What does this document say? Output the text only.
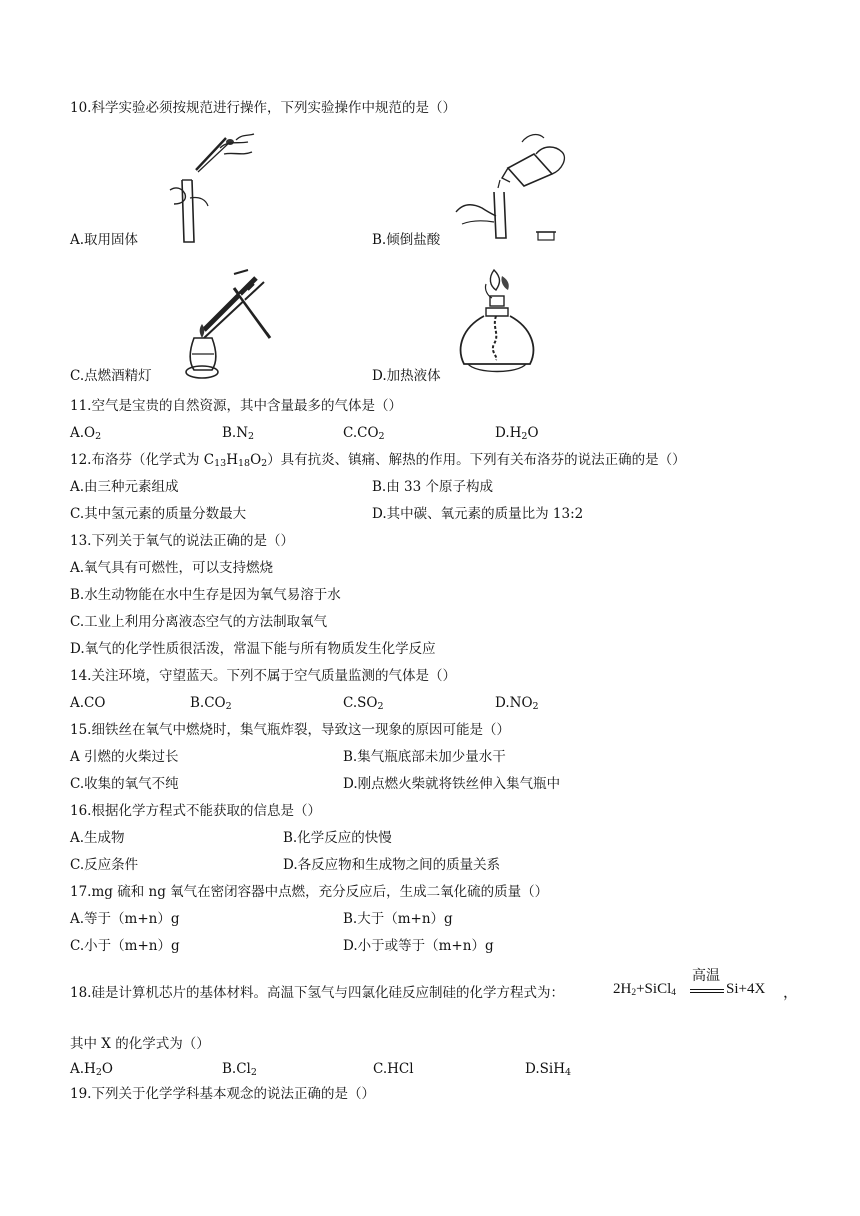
10.科学实验必须按规范进行操作，下列实验操作中规范的是（）
A.取用固体	B.倾倒盐酸
C.点燃酒精灯	D.加热液体
11.空气是宝贵的自然资源，其中含量最多的气体是（）
$A.O_2$	$B.N_2$	$C.CO_2$	$D.H_2O$
12.布洛芬（化学式为 $C_{13}H_{18}O_2$）具有抗炎、镇痛、解热的作用。下列有关布洛芬的说法正确的是（）
A.由三种元素组成	B.由 33 个原子构成
C.其中氢元素的质量分数最大	D.其中碳、氧元素的质量比为 13:2
13.下列关于氧气的说法正确的是（）
A.氧气具有可燃性，可以支持燃烧
B.水生动物能在水中生存是因为氧气易溶于水
C.工业上利用分离液态空气的方法制取氧气
D.氧气的化学性质很活泼，常温下能与所有物质发生化学反应
14.关注环境，守望蓝天。下列不属于空气质量监测的气体是（）
A.CO	$B.CO_2$	$C.SO_2$	$D.NO_2$
15.细铁丝在氧气中燃烧时，集气瓶炸裂，导致这一现象的原因可能是（）
A 引燃的火柴过长	B.集气瓶底部未加少量水干
C.收集的氧气不纯	D.刚点燃火柴就将铁丝伸入集气瓶中
16.根据化学方程式不能获取的信息是（）
A.生成物	B.化学反应的快慢
C.反应条件	D.各反应物和生成物之间的质量关系
17.mg 硫和 ng 氧气在密闭容器中点燃，充分反应后，生成二氧化硫的质量（）
A.等于（m+n）g	B.大于（m+n）g
C.小于（m+n）g	D.小于或等于（m+n）g
18.硅是计算机芯片的基体材料。高温下氢气与四氯化硅反应制硅的化学方程式为：	$2H_2+SiCl_4$
高温
Si+4X ，
其中 X 的化学式为（）
$A.H_2O$	$B.Cl_2$	C.HCl	D.SiH$_4$
19.下列关于化学学科基本观念的说法正确的是（）
